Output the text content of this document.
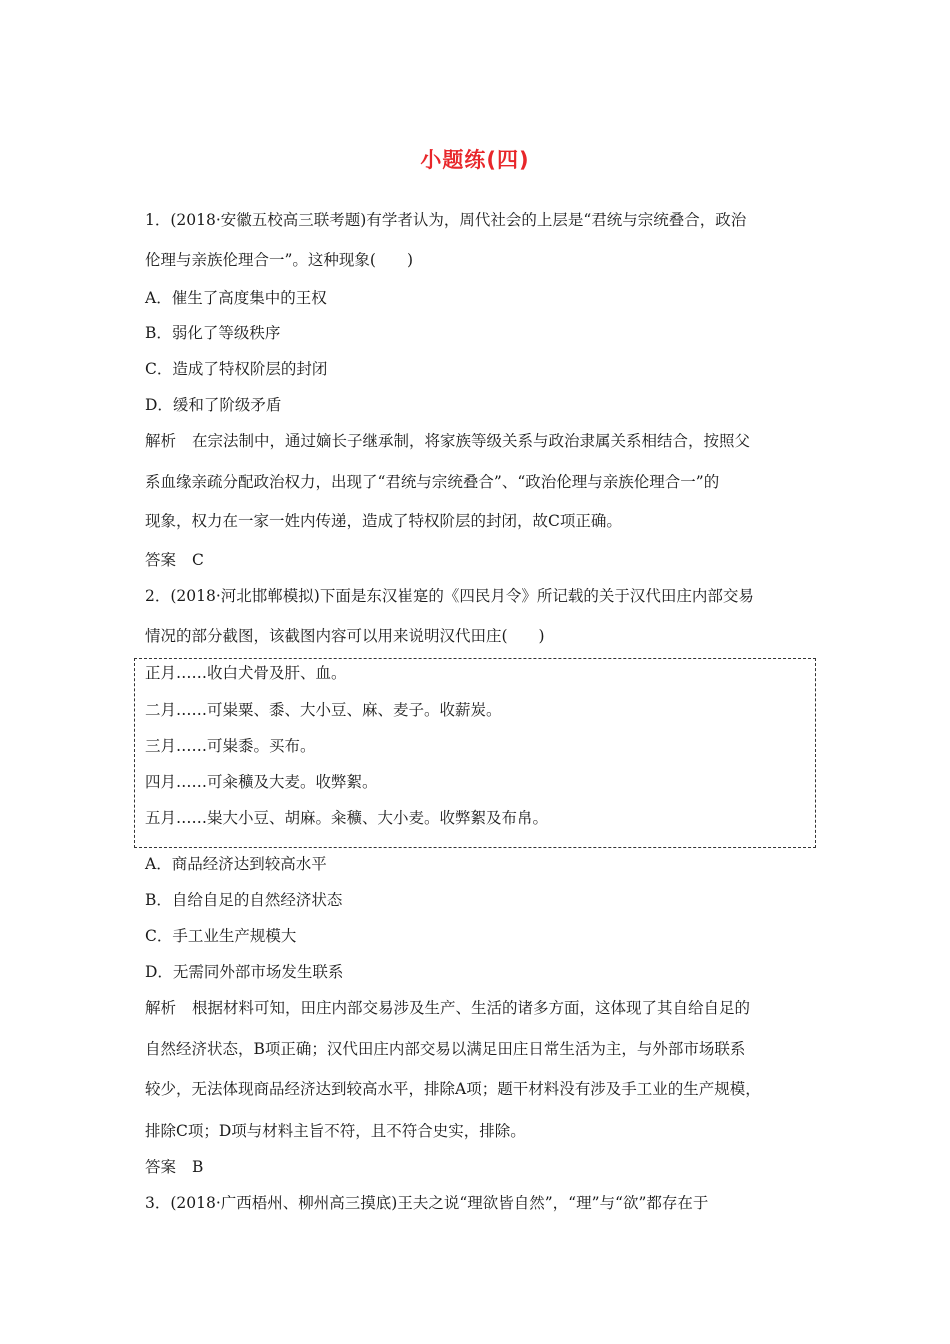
小题练(四)
1．(2018·安徽五校高三联考题)有学者认为，周代社会的上层是“君统与宗统叠合，政治
伦理与亲族伦理合一”。这种现象(　　)
A．催生了高度集中的王权
B．弱化了等级秩序
C．造成了特权阶层的封闭
D．缓和了阶级矛盾
解析 在宗法制中，通过嫡长子继承制，将家族等级关系与政治隶属关系相结合，按照父
系血缘亲疏分配政治权力，出现了“君统与宗统叠合”、“政治伦理与亲族伦理合一”的
现象，权力在一家一姓内传递，造成了特权阶层的封闭，故C项正确。
答案 C
2．(2018·河北邯郸模拟)下面是东汉崔寔的《四民月令》所记载的关于汉代田庄内部交易
情况的部分截图，该截图内容可以用来说明汉代田庄(　　)
正月……收白犬骨及肝、血。
二月……可粜粟、黍、大小豆、麻、麦子。收薪炭。
三月……可粜黍。买布。
四月……可籴穬及大麦。收弊絮。
五月……粜大小豆、胡麻。籴穬、大小麦。收弊絮及布帛。
A．商品经济达到较高水平
B．自给自足的自然经济状态
C．手工业生产规模大
D．无需同外部市场发生联系
解析 根据材料可知，田庄内部交易涉及生产、生活的诸多方面，这体现了其自给自足的
自然经济状态，B项正确；汉代田庄内部交易以满足田庄日常生活为主，与外部市场联系
较少，无法体现商品经济达到较高水平，排除A项；题干材料没有涉及手工业的生产规模，
排除C项；D项与材料主旨不符，且不符合史实，排除。
答案 B
3．(2018·广西梧州、柳州高三摸底)王夫之说“理欲皆自然”，“理”与“欲”都存在于
